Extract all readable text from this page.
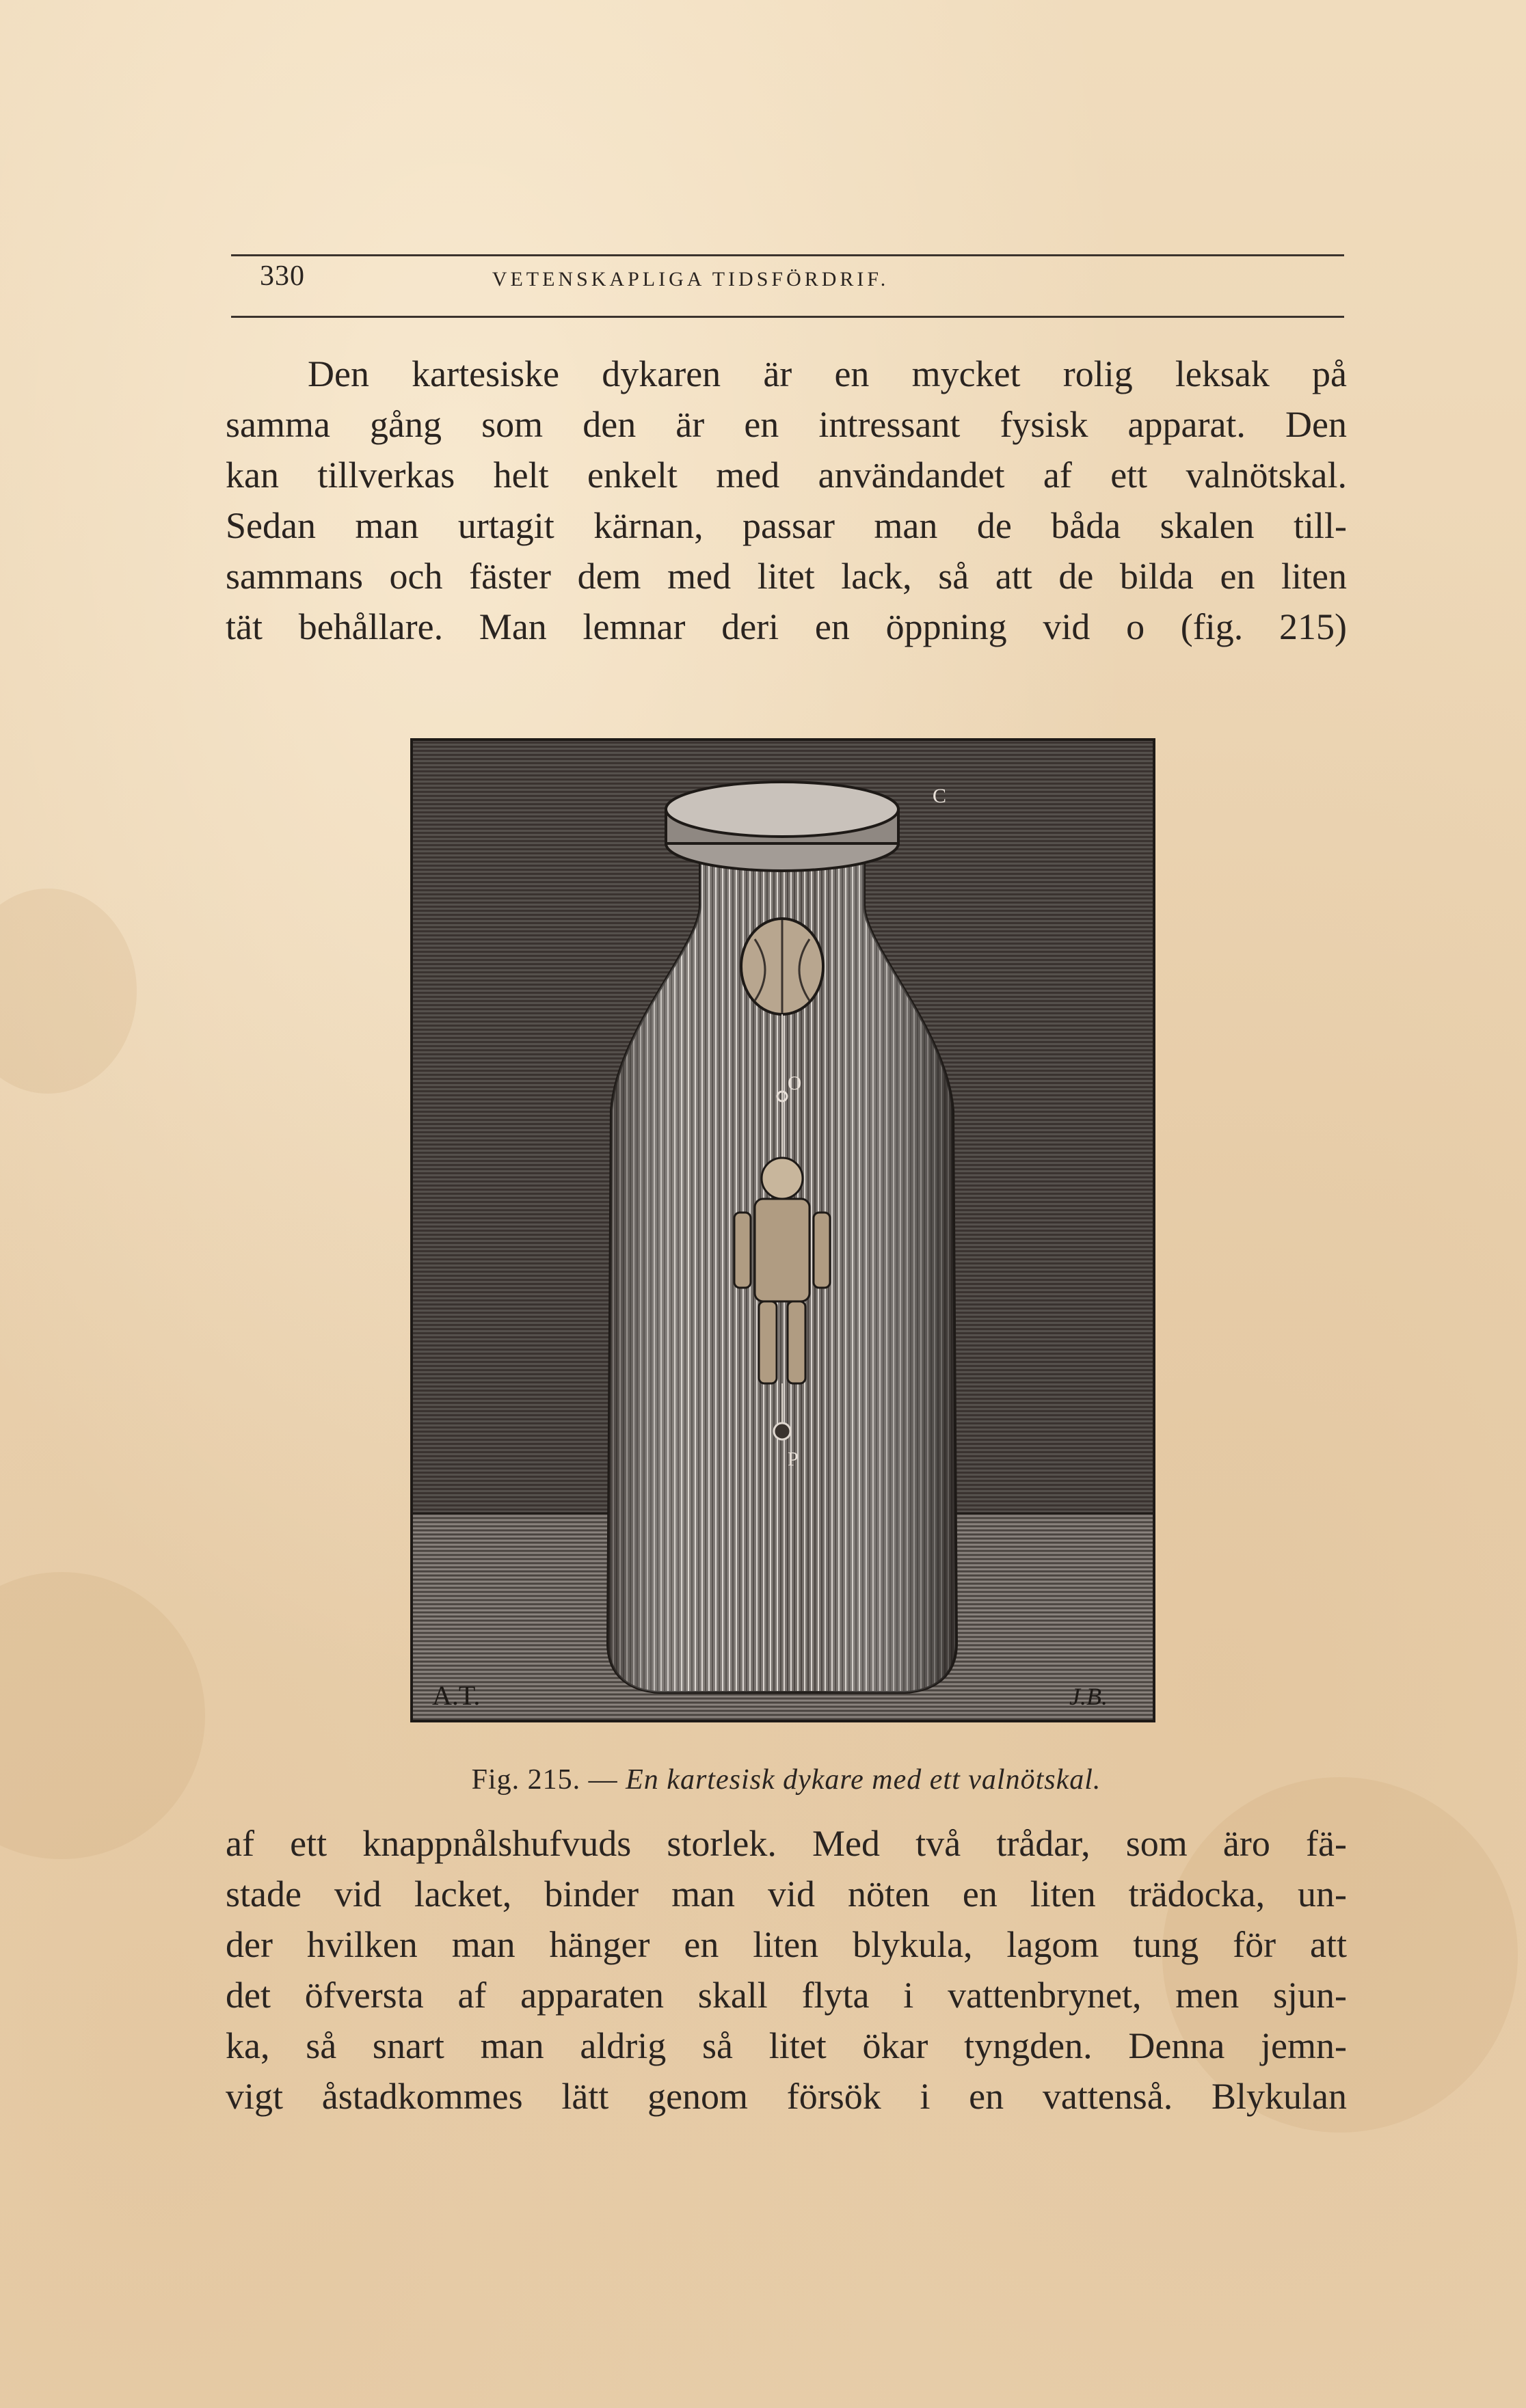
330	VETENSKAPLIGA TIDSFÖRDRIF.
Den kartesiske dykaren är en mycket rolig leksak på
samma gång som den är en intressant fysisk apparat. Den
kan tillverkas helt enkelt med användandet af ett valnötskal.
Sedan man urtagit kärnan, passar man de båda skalen till-
sammans och fäster dem med litet lack, så att de bilda en liten
tät behållare. Man lemnar deri en öppning vid o (fig. 215)
O
P
C
A.T.	J.B.
Fig. 215. — En kartesisk dykare med ett valnötskal.
af ett knappnålshufvuds storlek. Med två trådar, som äro fä-
stade vid lacket, binder man vid nöten en liten trädocka, un-
der hvilken man hänger en liten blykula, lagom tung för att
det öfversta af apparaten skall flyta i vattenbrynet, men sjun-
ka, så snart man aldrig så litet ökar tyngden. Denna jemn-
vigt åstadkommes lätt genom försök i en vattenså. Blykulan
